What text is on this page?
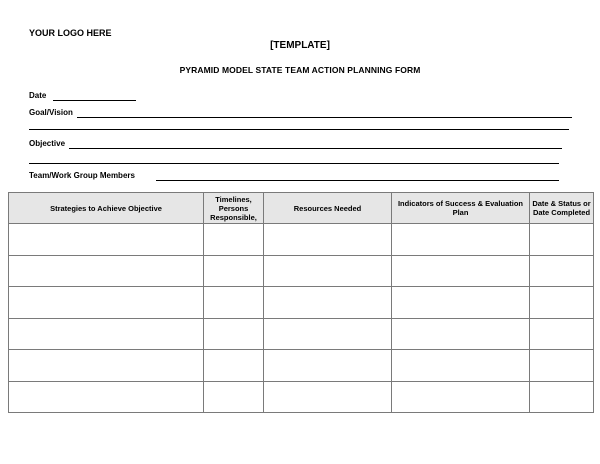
YOUR LOGO HERE
[TEMPLATE]
PYRAMID MODEL STATE TEAM ACTION PLANNING FORM
Date
Goal/Vision
Objective
Team/Work Group Members
Strategies to Achieve Objective	Timelines, Persons Responsible,	Resources Needed	Indicators of Success & Evaluation Plan	Date & Status or Date Completed
